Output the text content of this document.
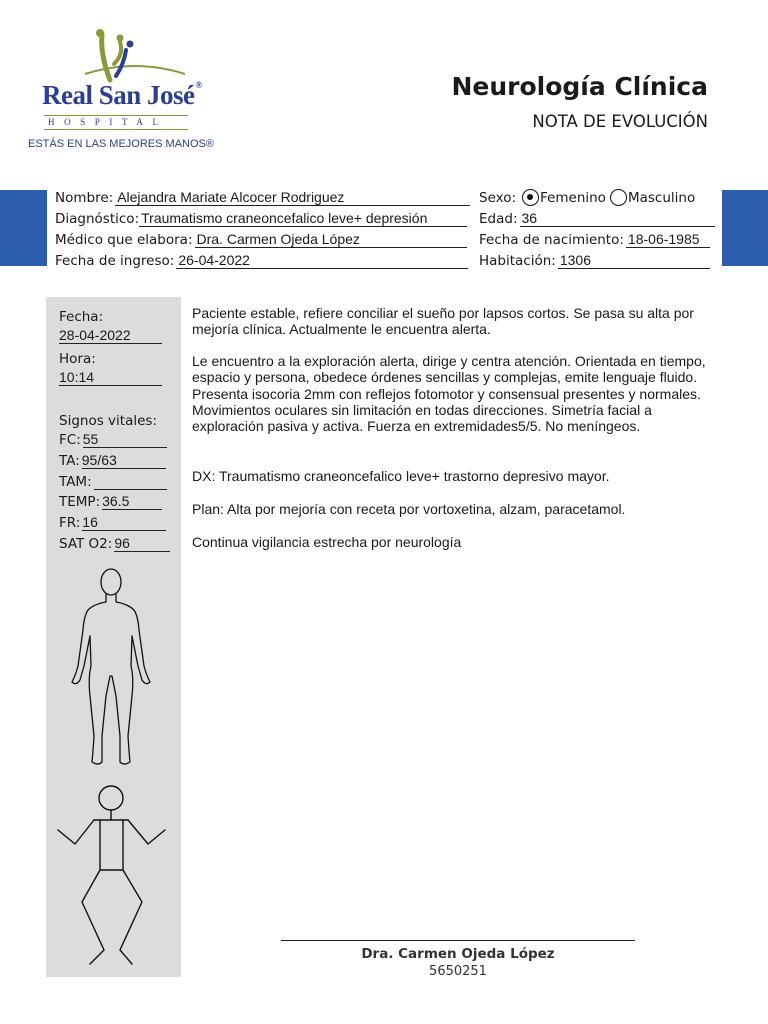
Real San José®
HOSPITAL
ESTÁS EN LAS MEJORES MANOS®
Neurología Clínica
NOTA DE EVOLUCIÓN
Nombre: Alejandra Mariate Alcocer Rodriguez
Diagnóstico: Traumatismo craneoncefalico leve+ depresión
Médico que elabora: Dra. Carmen Ojeda López
Fecha de ingreso: 26-04-2022
Sexo: Femenino Masculino
Edad: 36
Fecha de nacimiento: 18-06-1985
Habitación: 1306
Fecha:
28-04-2022
Hora:
10:14
Signos vitales:
FC: 55
TA: 95/63
TAM:
TEMP: 36.5
FR: 16
SAT O2: 96
Paciente estable, refiere conciliar el sueño por lapsos cortos. Se pasa su alta por mejoría clínica. Actualmente le encuentra alerta.
Le encuentro a la exploración alerta, dirige y centra atención. Orientada en tiempo, espacio y persona, obedece órdenes sencillas y complejas, emite lenguaje fluido. Presenta isocoria 2mm con reflejos fotomotor y consensual presentes y normales. Movimientos oculares sin limitación en todas direcciones. Simetría facial a exploración pasiva y activa. Fuerza en extremidades5/5. No meníngeos.
DX: Traumatismo craneoncefalico leve+ trastorno depresivo mayor.
Plan: Alta por mejoría con receta por vortoxetina, alzam, paracetamol.
Continua vigilancia estrecha por neurología
Dra. Carmen Ojeda López
5650251
